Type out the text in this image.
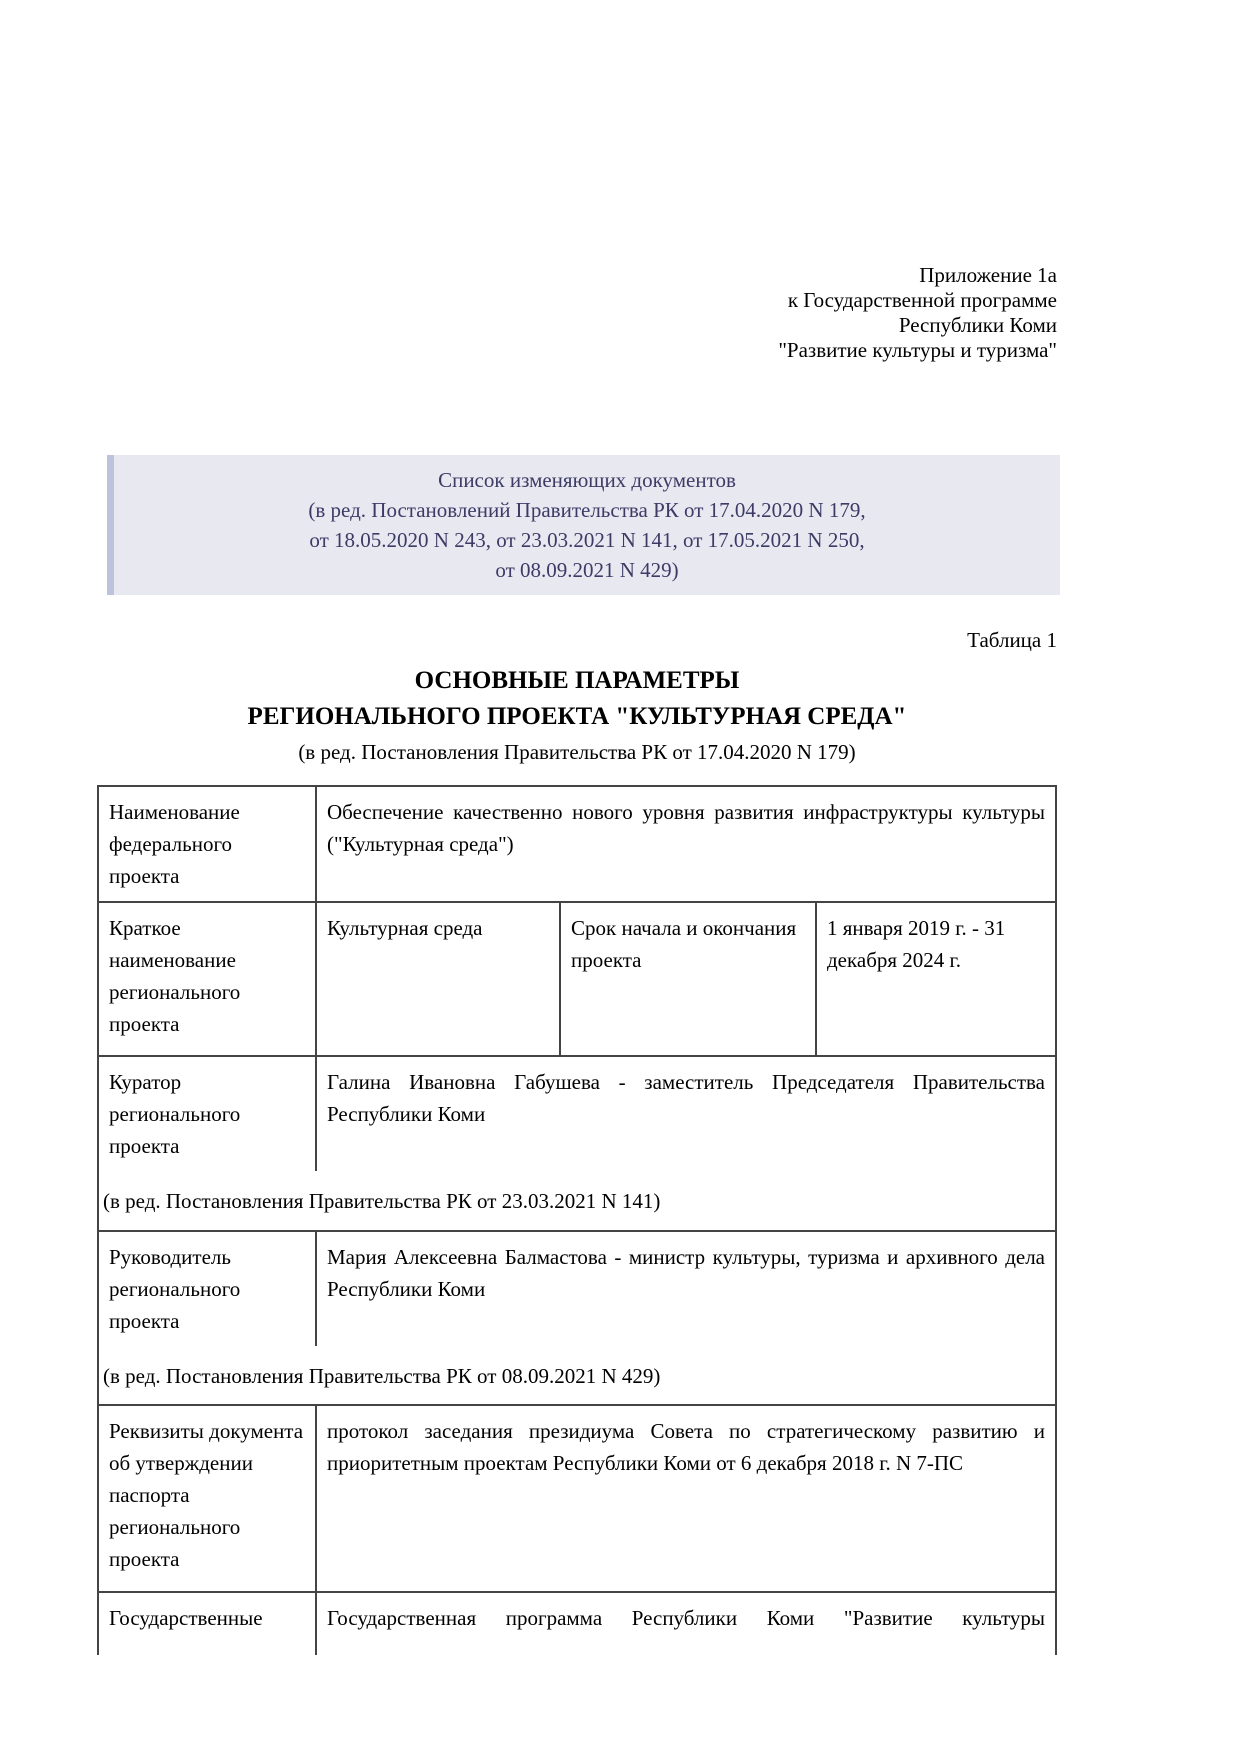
Приложение 1а
к Государственной программе
Республики Коми
"Развитие культуры и туризма"
Список изменяющих документов
(в ред. Постановлений Правительства РК от 17.04.2020 N 179,
от 18.05.2020 N 243, от 23.03.2021 N 141, от 17.05.2021 N 250,
от 08.09.2021 N 429)
Таблица 1
ОСНОВНЫЕ ПАРАМЕТРЫ
РЕГИОНАЛЬНОГО ПРОЕКТА "КУЛЬТУРНАЯ СРЕДА"
(в ред. Постановления Правительства РК от 17.04.2020 N 179)
Наименование федерального проекта
Обеспечение качественно нового уровня развития инфраструктуры культуры ("Культурная среда")
Краткое наименование регионального проекта
Культурная среда	Срок начала и окончания проекта
1 января 2019 г. - 31 декабря 2024 г.
Куратор регионального проекта
Галина Ивановна Габушева - заместитель Председателя Правительства Республики Коми
(в ред. Постановления Правительства РК от 23.03.2021 N 141)
Руководитель регионального проекта
Мария Алексеевна Балмастова - министр культуры, туризма и архивного дела Республики Коми
(в ред. Постановления Правительства РК от 08.09.2021 N 429)
Реквизиты документа об утверждении паспорта регионального проекта
протокол заседания президиума Совета по стратегическому развитию и приоритетным проектам Республики Коми от 6 декабря 2018 г. N 7-ПС
Государственные	Государственная программа Республики Коми "Развитие культуры
